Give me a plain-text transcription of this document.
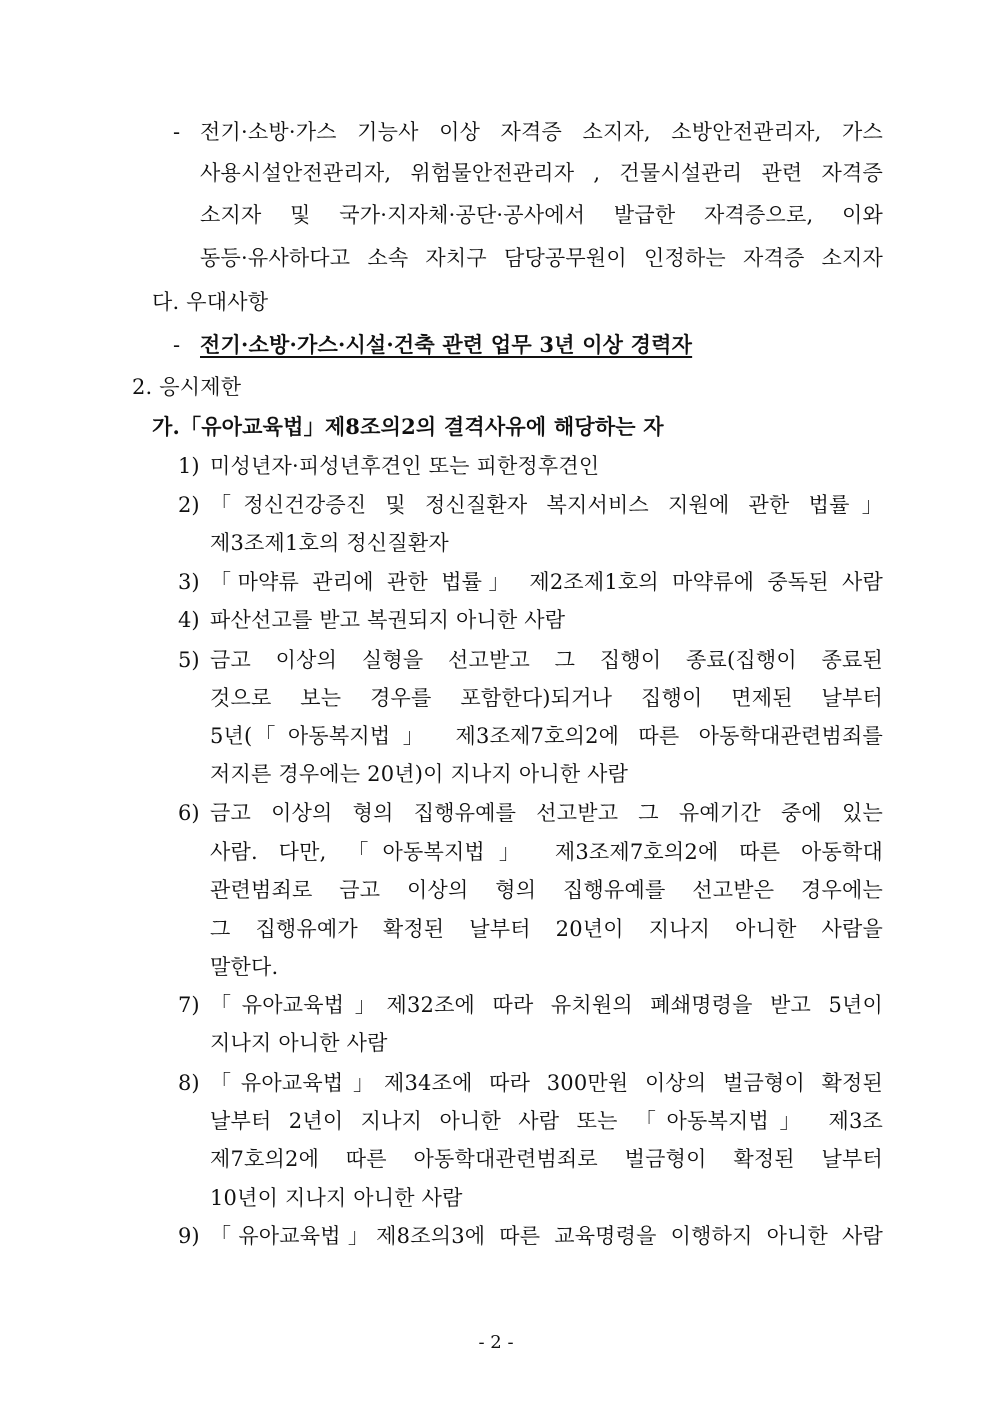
- 전기·소방·가스 기능사 이상 자격증 소지자, 소방안전관리자, 가스
사용시설안전관리자, 위험물안전관리자 , 건물시설관리 관련 자격증
소지자 및 국가·지자체·공단·공사에서 발급한 자격증으로, 이와
동등·유사하다고 소속 자치구 담당공무원이 인정하는 자격증 소지자
다. 우대사항
- 전기·소방·가스·시설·건축 관련 업무 3년 이상 경력자
2. 응시제한
가.「유아교육법」제8조의2의 결격사유에 해당하는 자
1) 미성년자·피성년후견인 또는 피한정후견인
2) 「정신건강증진 및 정신질환자 복지서비스 지원에 관한 법률」
제3조제1호의 정신질환자
3) 「마약류 관리에 관한 법률」 제2조제1호의 마약류에 중독된 사람
4) 파산선고를 받고 복권되지 아니한 사람
5) 금고 이상의 실형을 선고받고 그 집행이 종료(집행이 종료된
것으로 보는 경우를 포함한다)되거나 집행이 면제된 날부터
5년(「아동복지법」 제3조제7호의2에 따른 아동학대관련범죄를
저지른 경우에는 20년)이 지나지 아니한 사람
6) 금고 이상의 형의 집행유예를 선고받고 그 유예기간 중에 있는
사람. 다만, 「아동복지법」 제3조제7호의2에 따른 아동학대
관련범죄로 금고 이상의 형의 집행유예를 선고받은 경우에는
그 집행유예가 확정된 날부터 20년이 지나지 아니한 사람을
말한다.
7) 「유아교육법」제32조에 따라 유치원의 폐쇄명령을 받고 5년이
지나지 아니한 사람
8) 「유아교육법」제34조에 따라 300만원 이상의 벌금형이 확정된
날부터 2년이 지나지 아니한 사람 또는 「아동복지법」 제3조
제7호의2에 따른 아동학대관련범죄로 벌금형이 확정된 날부터
10년이 지나지 아니한 사람
9) 「유아교육법」제8조의3에 따른 교육명령을 이행하지 아니한 사람
- 2 -
